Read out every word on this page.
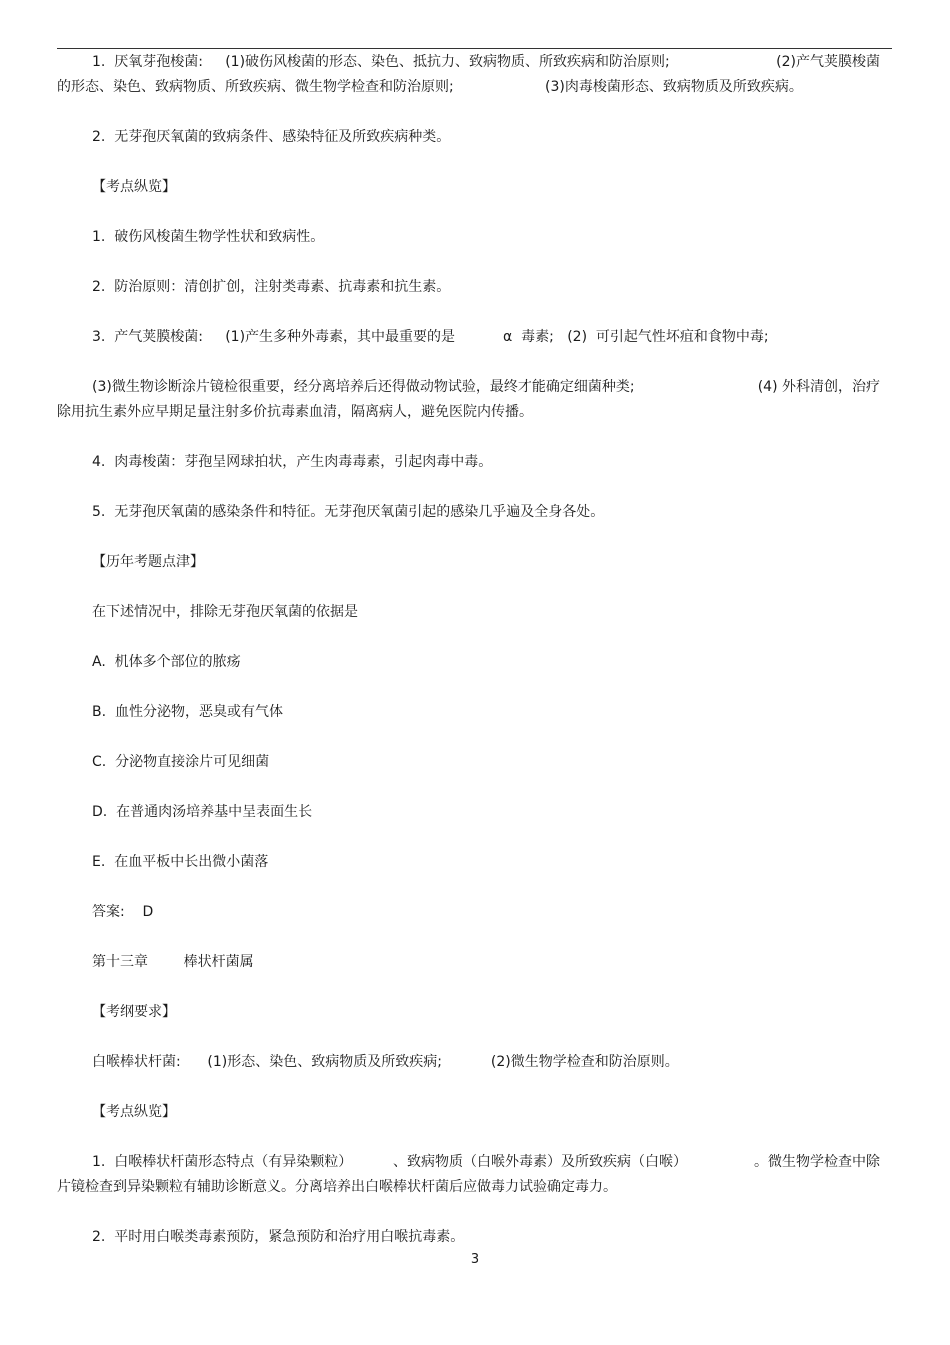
1.  厌氧芽孢梭菌:     (1)破伤风梭菌的形态、染色、抵抗力、致病物质、所致疾病和防治原则;	(2)产气荚膜梭菌
的形态、染色、致病物质、所致疾病、微生物学检查和防治原则;	(3)肉毒梭菌形态、致病物质及所致疾病。
2.  无芽孢厌氧菌的致病条件、感染特征及所致疾病种类。
【考点纵览】
1.  破伤风梭菌生物学性状和致病性。
2.  防治原则：清创扩创，注射类毒素、抗毒素和抗生素。
3.  产气荚膜梭菌:     (1)产生多种外毒素，其中最重要的是	α  毒素;   (2)  可引起气性坏疽和食物中毒;
(3)微生物诊断涂片镜检很重要，经分离培养后还得做动物试验，最终才能确定细菌种类;	(4) 外科清创，治疗
除用抗生素外应早期足量注射多价抗毒素血清，隔离病人，避免医院内传播。
4.  肉毒梭菌：芽孢呈网球拍状，产生肉毒毒素，引起肉毒中毒。
5.  无芽孢厌氧菌的感染条件和特征。无芽孢厌氧菌引起的感染几乎遍及全身各处。
【历年考题点津】
在下述情况中，排除无芽孢厌氧菌的依据是
A.  机体多个部位的脓疡
B.  血性分泌物，恶臭或有气体
C.  分泌物直接涂片可见细菌
D.  在普通肉汤培养基中呈表面生长
E.  在血平板中长出微小菌落
答案:    D
第十三章        棒状杆菌属
【考纲要求】
白喉棒状杆菌:      (1)形态、染色、致病物质及所致疾病;           (2)微生物学检查和防治原则。
【考点纵览】
1.  白喉棒状杆菌形态特点（有异染颗粒）	、致病物质（白喉外毒素）及所致疾病（白喉）	。微生物学检查中除
片镜检查到异染颗粒有辅助诊断意义。分离培养出白喉棒状杆菌后应做毒力试验确定毒力。
2.  平时用白喉类毒素预防，紧急预防和治疗用白喉抗毒素。
3
